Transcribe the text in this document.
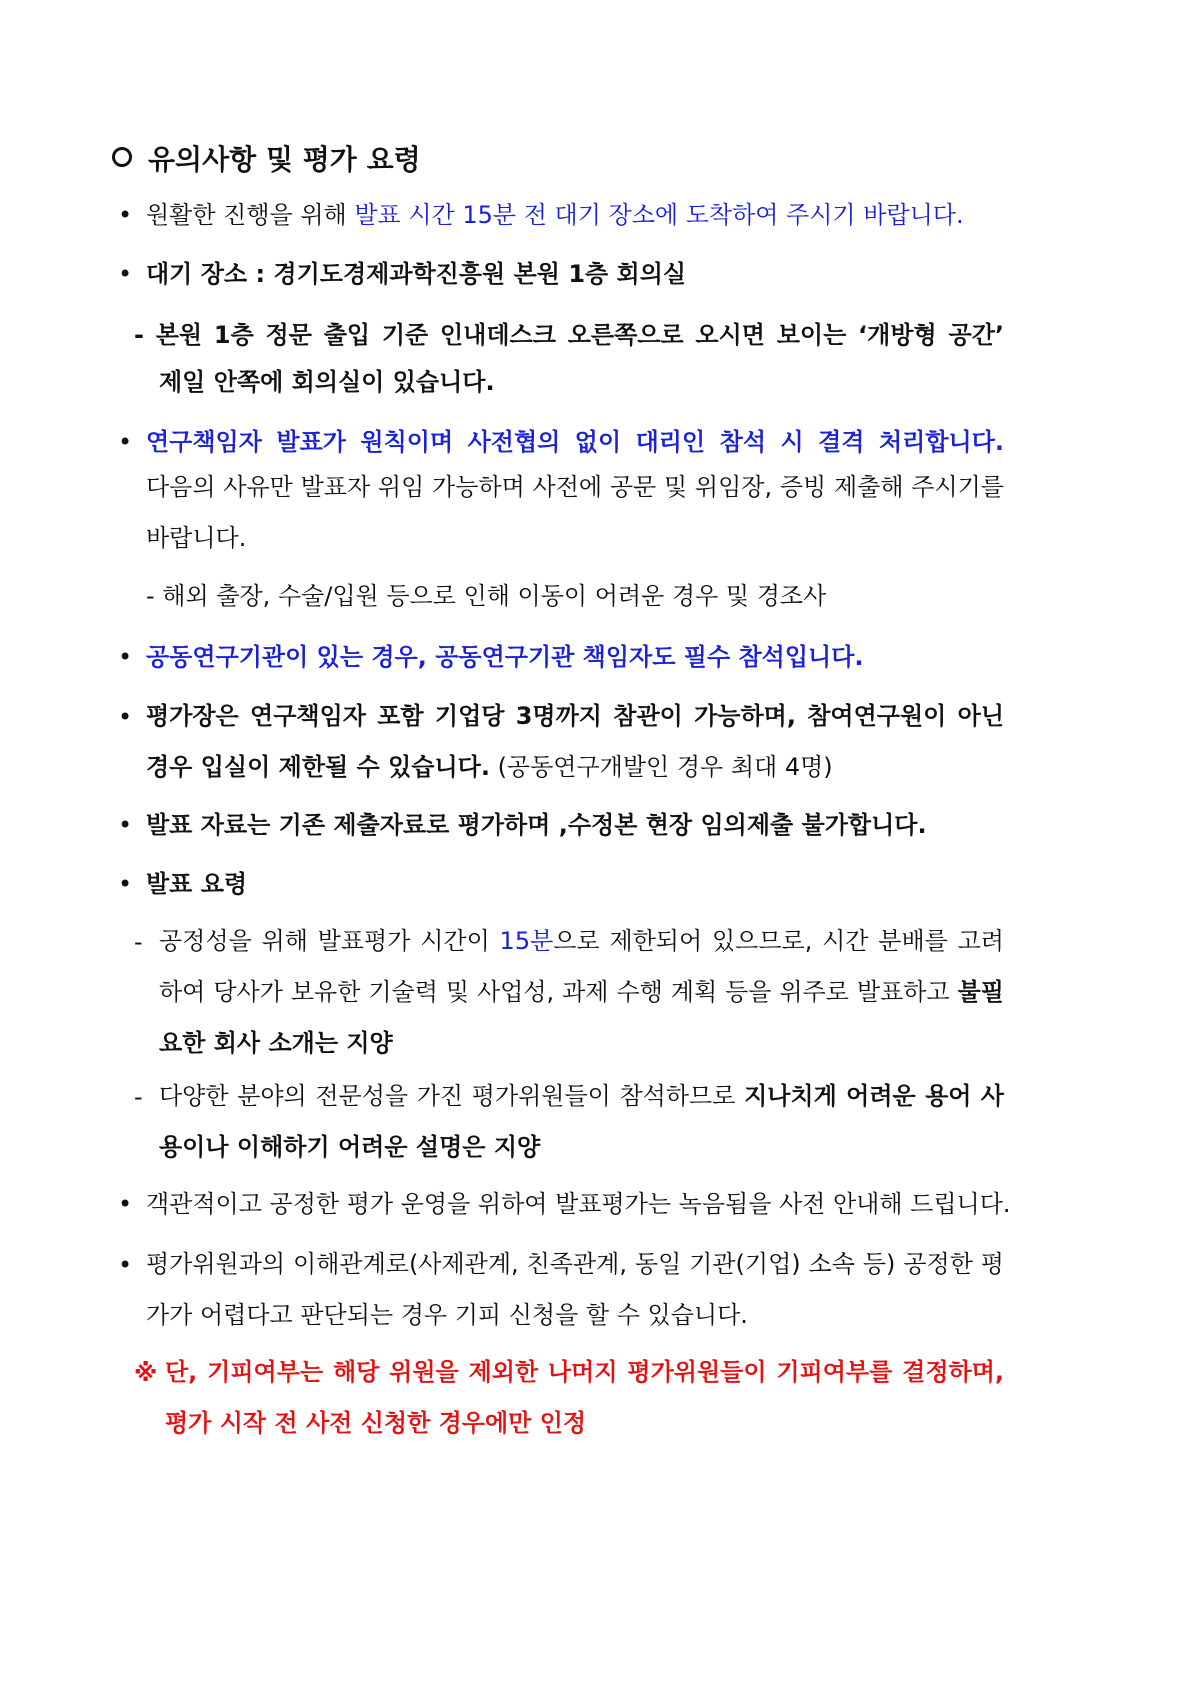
유의사항 및 평가 요령
• 원활한 진행을 위해 발표 시간 15분 전 대기 장소에 도착하여 주시기 바랍니다.
• 대기 장소 : 경기도경제과학진흥원 본원 1층 회의실
- 본원 1층 정문 출입 기준 인내데스크 오른쪽으로 오시면 보이는 ‘개방형 공간’
제일 안쪽에 회의실이 있습니다.
• 연구책임자 발표가 원칙이며 사전협의 없이 대리인 참석 시 결격 처리합니다.
다음의 사유만 발표자 위임 가능하며 사전에 공문 및 위임장, 증빙 제출해 주시기를 바랍니다.
- 해외 출장, 수술/입원 등으로 인해 이동이 어려운 경우 및 경조사
• 공동연구기관이 있는 경우, 공동연구기관 책임자도 필수 참석입니다.
• 평가장은 연구책임자 포함 기업당 3명까지 참관이 가능하며, 참여연구원이 아닌 경우 입실이 제한될 수 있습니다. (공동연구개발인 경우 최대 4명)
• 발표 자료는 기존 제출자료로 평가하며 ,수정본 현장 임의제출 불가합니다.
• 발표 요령
- 공정성을 위해 발표평가 시간이 15분으로 제한되어 있으므로, 시간 분배를 고려하여 당사가 보유한 기술력 및 사업성, 과제 수행 계획 등을 위주로 발표하고 불필요한 회사 소개는 지양
- 다양한 분야의 전문성을 가진 평가위원들이 참석하므로 지나치게 어려운 용어 사용이나 이해하기 어려운 설명은 지양
• 객관적이고 공정한 평가 운영을 위하여 발표평가는 녹음됨을 사전 안내해 드립니다.
• 평가위원과의 이해관계로(사제관계, 친족관계, 동일 기관(기업) 소속 등) 공정한 평가가 어렵다고 판단되는 경우 기피 신청을 할 수 있습니다.
※ 단, 기피여부는 해당 위원을 제외한 나머지 평가위원들이 기피여부를 결정하며, 평가 시작 전 사전 신청한 경우에만 인정
